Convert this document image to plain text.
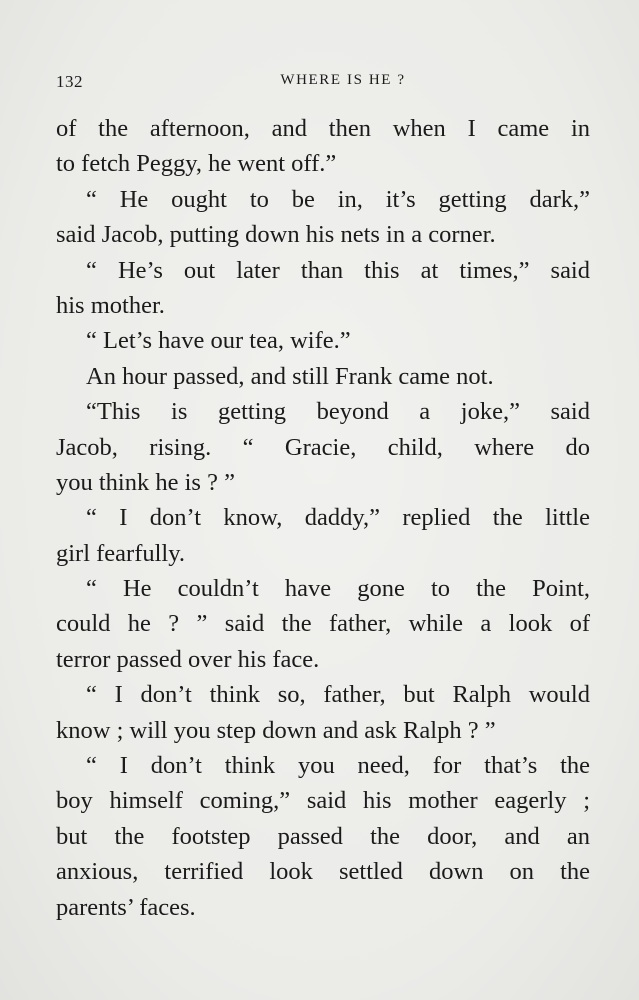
132	WHERE IS HE ?
of the afternoon, and then when I came in
to fetch Peggy, he went off.”
“ He ought to be in, it’s getting dark,”
said Jacob, putting down his nets in a corner.
“ He’s out later than this at times,” said
his mother.
“ Let’s have our tea, wife.”
An hour passed, and still Frank came not.
“This is getting beyond a joke,” said
Jacob, rising. “ Gracie, child, where do
you think he is ? ”
“ I don’t know, daddy,” replied the little
girl fearfully.
“ He couldn’t have gone to the Point,
could he ? ” said the father, while a look of
terror passed over his face.
“ I don’t think so, father, but Ralph would
know ; will you step down and ask Ralph ? ”
“ I don’t think you need, for that’s the
boy himself coming,” said his mother eagerly ;
but the footstep passed the door, and an
anxious, terrified look settled down on the
parents’ faces.
